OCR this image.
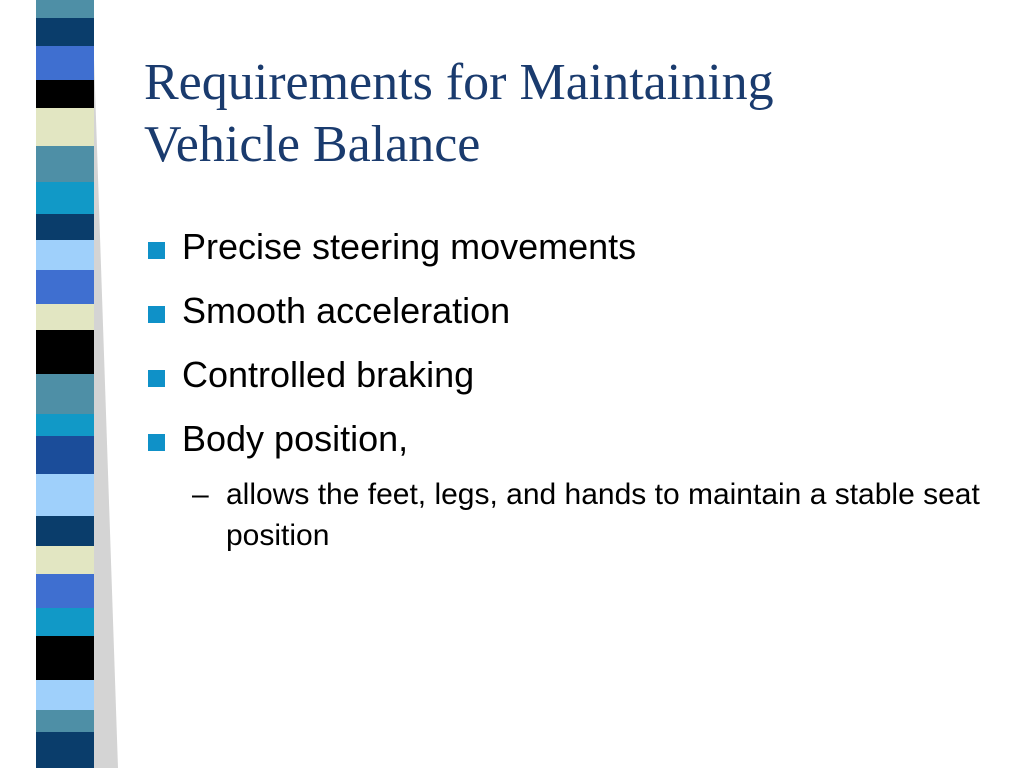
Requirements for Maintaining
Vehicle Balance
Precise steering movements
Smooth acceleration
Controlled braking
Body position,
– allows the feet, legs, and hands to maintain a stable seat position
